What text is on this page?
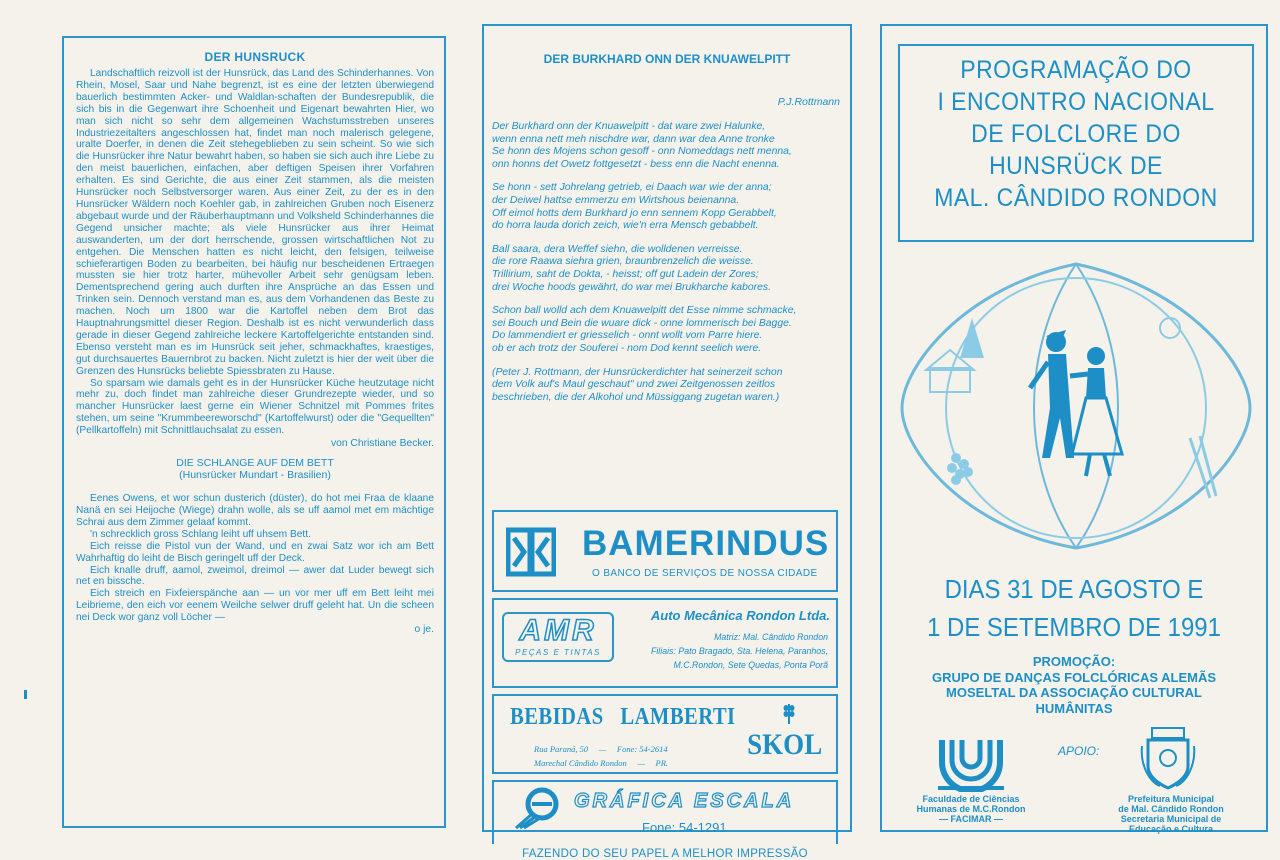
DER HUNSRUCK

Landschaftlich reizvoll ist der Hunsrück, das Land des Schinderhannes. Von Rhein, Mosel, Saar und Nahe begrenzt, ist es eine der letzten überwiegend bauerlich bestimmten Acker- und Waldlan-schaften der Bundesrepublik, die sich bis in die Gegenwart ihre Schoenheit und Eigenart bewahrten Hier, wo man sich nicht so sehr dem allgemeinen Wachstumsstreben unseres Industriezeitalters angeschlossen hat, findet man noch malerisch gelegene, uralte Doerfer, in denen die Zeit stehegeblieben zu sein scheint. So wie sich die Hunsrücker ihre Natur bewahrt haben, so haben sie sich auch ihre Liebe zu den meist bauerlichen, einfachen, aber deftigen Speisen ihrer Vorfahren erhalten. Es sind Gerichte, die aus einer Zeit stammen, als die meisten Hunsrücker noch Selbstversorger waren. Aus einer Zeit, zu der es in den Hunsrücker Wäldern noch Koehler gab, in zahlreichen Gruben noch Eisenerz abgebaut wurde und der Räuberhauptmann und Volksheld Schinderhannes die Gegend unsicher machte; als viele Hunsrücker aus ihrer Heimat auswanderten, um der dort herrschende, grossen wirtschaftlichen Not zu entgehen. Die Menschen hatten es nicht leicht, den felsigen, teilweise schieferartigen Boden zu bearbeiten, bei häufig nur bescheidenen Ertraegen mussten sie hier trotz harter, mühevoller Arbeit sehr genügsam leben. Dementsprechend gering auch durften ihre Ansprüche an das Essen und Trinken sein. Dennoch verstand man es, aus dem Vorhandenen das Beste zu machen. Noch um 1800 war die Kartoffel neben dem Brot das Hauptnahrungsmittel dieser Region. Deshalb ist es nicht verwunderlich dass gerade in dieser Gegend zahlreiche leckere Kartoffelgerichte entstanden sind. Ebenso versteht man es im Hunsrück seit jeher, schmackhaftes, kraestiges, gut durchsauertes Bauernbrot zu backen. Nicht zuletzt is hier der weit über die Grenzen des Hunsrücks beliebte Spiessbraten zu Hause.

So sparsam wie damals geht es in der Hunsrücker Küche heutzutage nicht mehr zu, doch findet man zahlreiche dieser Grundrezepte wieder, und so mancher Hunsrücker laest gerne ein Wiener Schnitzel mit Pommes frites stehen, um seine "Krummbeereworschd" (Kartoffelwurst) oder die "Gequellten" (Pellkartoffeln) mit Schnittlauchsalat zu essen.

von Christiane Becker.
DIE SCHLANGE AUF DEM BETT
(Hunsrücker Mundart - Brasilien)

Eenes Owens, et wor schun dusterich (düster), do hot mei Fraa de klaane Nanä en sei Heijoche (Wiege) drahn wolle, als se uff aamol met em mächtige Schrai aus dem Zimmer gelaaf kommt.

'n schrecklich gross Schlang leiht uff uhsem Bett.

Eich reisse die Pistol vun der Wand, und en zwai Satz wor ich am Bett Wahrhaftig do leiht de Bisch geringelt uff der Deck.

Eich knalle druff, aamol, zweimol, dreimol — awer dat Luder bewegt sich net en bissche.

Eich streich en Fixfeierspänche aan — un vor mer uff em Bett leiht mei Leibrieme, den eich vor eenem Weilche selwer druff geleht hat. Un die scheen nei Deck wor ganz voll Löcher —

o je.
DER BURKHARD ONN DER KNUAWELPITT
P.J.Rottmann

Der Burkhard onn der Knuawelpitt - dat ware zwei Halunke,
wenn enna nett meh nischdre war, dann war dea Anne tronke
Se honn des Mojens schon gesoff - onn Nomeddags nett menna,
onn honns det Owetz fottgesetzt - bess enn die Nacht enenna.

Se honn - sett Johrelang getrieb, ei Daach war wie der anna;
der Deiwel hattse emmerzu em Wirtshous beienanna.
Off eimol hotts dem Burkhard jo enn sennem Kopp Gerabbelt,
do horra lauda dorich zeich, wie'n erra Mensch gebabbelt.

Ball saara, dera Weffef siehn, die wolldenen verreisse.
die rore Raawa siehra grien, braunbrenzelich die weisse.
Trillirium, saht de Dokta, - heisst; off gut Ladein der Zores;
drei Woche hoods gewährt, do war mei Brukharche kabores.

Schon ball wolld ach dem Knuawelpitt det Esse nimme schmacke,
sei Bouch und Bein die wuare dick - onne lommerisch bei Bagge.
Do lammendiert er griesselich - onnt wollt vom Parre hiere.
ob er ach trotz der Souferei - nom Dod kennt seelich were.

(Peter J. Rottmann, der Hunsrückerdichter hat seinerzeit schon
dem Volk auf's Maul geschaut" und zwei Zeitgenossen zeitlos
beschrieben, die der Alkohol und Müssiggang zugetan waren.)

BAMERINDUS
O BANCO DE SERVIÇOS DE NOSSA CIDADE
AMR
PEÇAS E TINTAS
Auto Mecânica Rondon Ltda.
Matriz: Mal. Cândido Rondon
Filiais: Pato Bragado, Sta. Helena, Paranhos,
M.C.Rondon, Sete Quedas, Ponta Porã
BEBIDAS   LAMBERTI
Rua Paraná, 50     —     Fone: 54-2614
Marechal Cândido Rondon     —     PR.
SKOL
GRÁFICA ESCALA
Fone: 54-1291
FAZENDO DO SEU PAPEL A MELHOR IMPRESSÃO
PROGRAMAÇÃO DO
I ENCONTRO NACIONAL
DE FOLCLORE DO
HUNSRÜCK DE
MAL. CÂNDIDO RONDON
DIAS 31 DE AGOSTO E
1 DE SETEMBRO DE 1991
PROMOÇÃO:
GRUPO DE DANÇAS FOLCLÓRICAS ALEMÃS
MOSELTAL DA ASSOCIAÇÃO CULTURAL
HUMÂNITAS
APOIO:
Faculdade de Ciências
Humanas de M.C.Rondon
— FACIMAR —
Prefeitura Municipal
de Mal. Cândido Rondon
Secretaria Municipal de
Educação e Cultura
